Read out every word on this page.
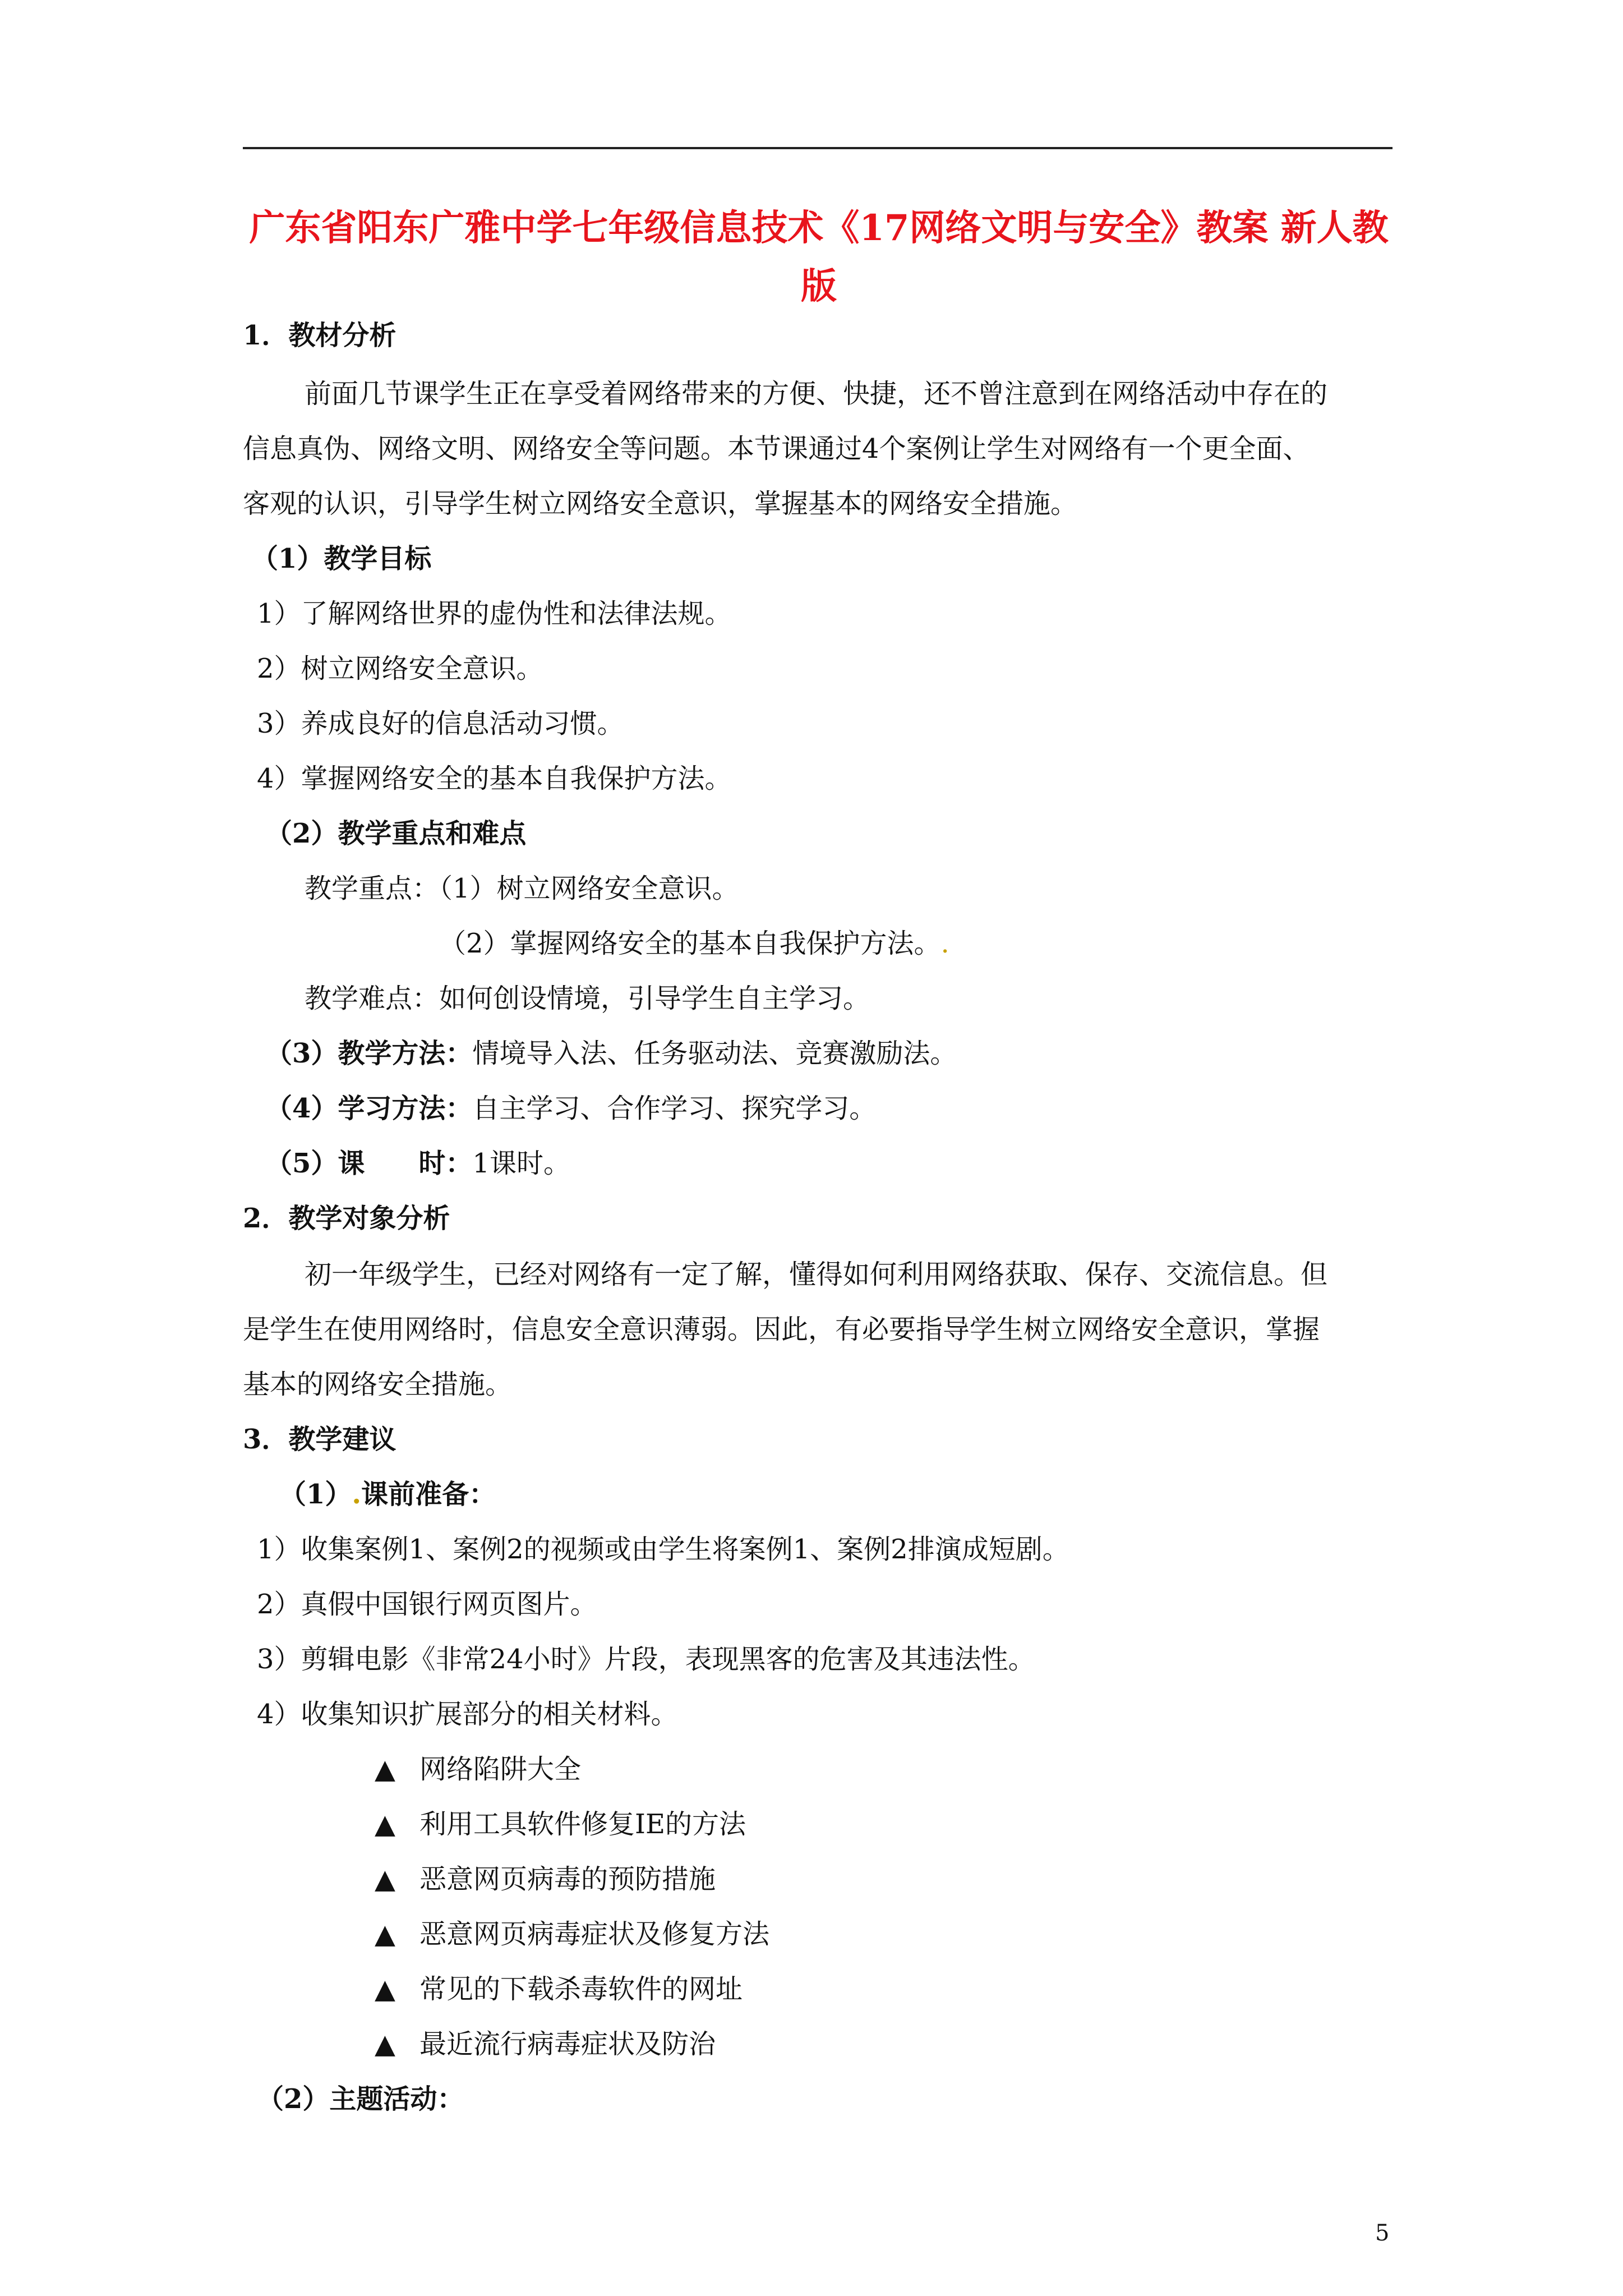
广东省阳东广雅中学七年级信息技术《17网络文明与安全》教案 新人教版
1．教材分析
前面几节课学生正在享受着网络带来的方便、快捷，还不曾注意到在网络活动中存在的
信息真伪、网络文明、网络安全等问题。本节课通过4个案例让学生对网络有一个更全面、
客观的认识，引导学生树立网络安全意识，掌握基本的网络安全措施。
（1）教学目标
1）了解网络世界的虚伪性和法律法规。
2）树立网络安全意识。
3）养成良好的信息活动习惯。
4）掌握网络安全的基本自我保护方法。
（2）教学重点和难点
教学重点：（1）树立网络安全意识。
（2）掌握网络安全的基本自我保护方法。.
教学难点：如何创设情境，引导学生自主学习。
（3）教学方法：情境导入法、任务驱动法、竞赛激励法。
（4）学习方法：自主学习、合作学习、探究学习。
（5）课　　时：1课时。
2．教学对象分析
初一年级学生，已经对网络有一定了解，懂得如何利用网络获取、保存、交流信息。但
是学生在使用网络时，信息安全意识薄弱。因此，有必要指导学生树立网络安全意识，掌握
基本的网络安全措施。
3．教学建议
（1）.课前准备：
1）收集案例1、案例2的视频或由学生将案例1、案例2排演成短剧。
2）真假中国银行网页图片。
3）剪辑电影《非常24小时》片段，表现黑客的危害及其违法性。
4）收集知识扩展部分的相关材料。
▲ 网络陷阱大全
▲ 利用工具软件修复IE的方法
▲ 恶意网页病毒的预防措施
▲ 恶意网页病毒症状及修复方法
▲ 常见的下载杀毒软件的网址
▲ 最近流行病毒症状及防治
（2）主题活动：
5
